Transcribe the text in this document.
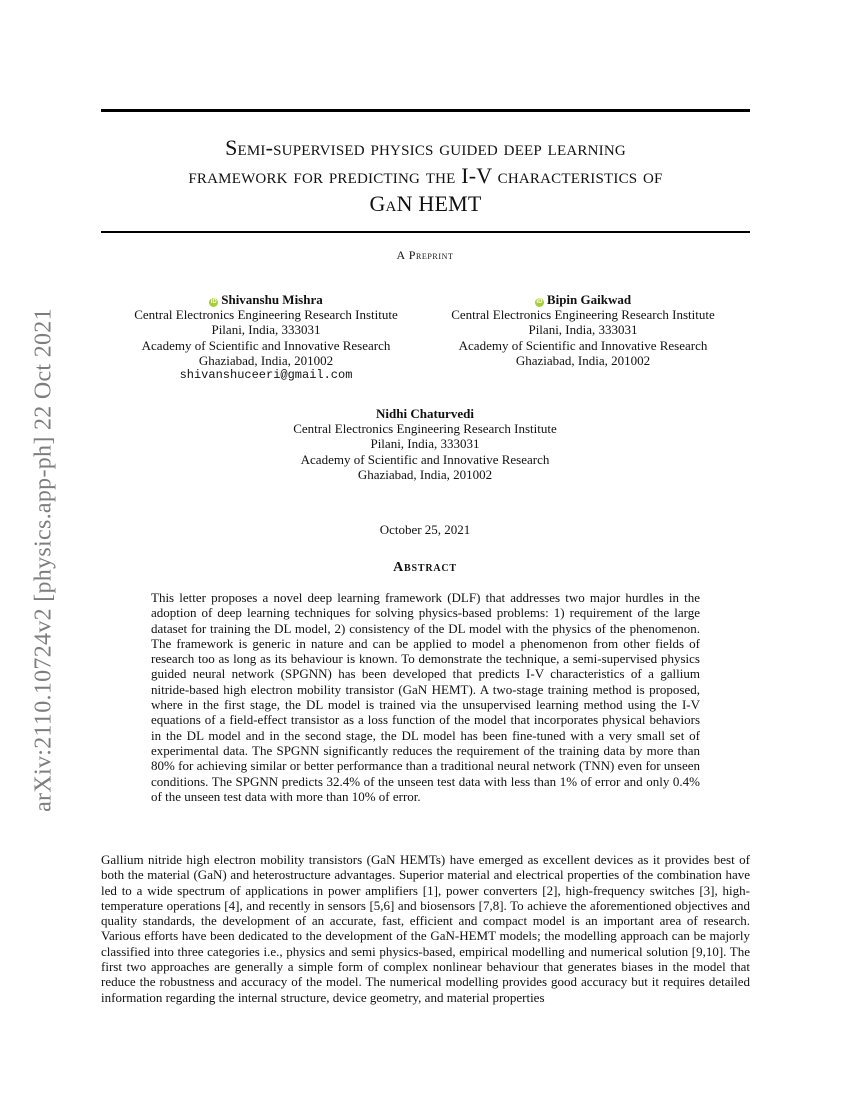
arXiv:2110.10724v2 [physics.app-ph] 22 Oct 2021
Semi-supervised physics guided deep learning
framework for predicting the I-V characteristics of
GaN HEMT
A Preprint
iD Shivanshu Mishra
Central Electronics Engineering Research Institute
Pilani, India, 333031
Academy of Scientific and Innovative Research
Ghaziabad, India, 201002
shivanshuceeri@gmail.com
iD Bipin Gaikwad
Central Electronics Engineering Research Institute
Pilani, India, 333031
Academy of Scientific and Innovative Research
Ghaziabad, India, 201002
Nidhi Chaturvedi
Central Electronics Engineering Research Institute
Pilani, India, 333031
Academy of Scientific and Innovative Research
Ghaziabad, India, 201002
October 25, 2021
Abstract

This letter proposes a novel deep learning framework (DLF) that addresses two major hurdles in the adoption of deep learning techniques for solving physics-based problems: 1) requirement of the large dataset for training the DL model, 2) consistency of the DL model with the physics of the phenomenon. The framework is generic in nature and can be applied to model a phenomenon from other fields of research too as long as its behaviour is known. To demonstrate the technique, a semi-supervised physics guided neural network (SPGNN) has been developed that predicts I-V characteristics of a gallium nitride-based high electron mobility transistor (GaN HEMT). A two-stage training method is proposed, where in the first stage, the DL model is trained via the unsupervised learning method using the I-V equations of a field-effect transistor as a loss function of the model that incorporates physical behaviors in the DL model and in the second stage, the DL model has been fine-tuned with a very small set of experimental data. The SPGNN significantly reduces the requirement of the training data by more than 80% for achieving similar or better performance than a traditional neural network (TNN) even for unseen conditions. The SPGNN predicts 32.4% of the unseen test data with less than 1% of error and only 0.4% of the unseen test data with more than 10% of error.

Gallium nitride high electron mobility transistors (GaN HEMTs) have emerged as excellent devices as it provides best of both the material (GaN) and heterostructure advantages. Superior material and electrical properties of the combination have led to a wide spectrum of applications in power amplifiers [1], power converters [2], high-frequency switches [3], high-temperature operations [4], and recently in sensors [5,6] and biosensors [7,8]. To achieve the aforementioned objectives and quality standards, the development of an accurate, fast, efficient and compact model is an important area of research. Various efforts have been dedicated to the development of the GaN-HEMT models; the modelling approach can be majorly classified into three categories i.e., physics and semi physics-based, empirical modelling and numerical solution [9,10]. The first two approaches are generally a simple form of complex nonlinear behaviour that generates biases in the model that reduce the robustness and accuracy of the model. The numerical modelling provides good accuracy but it requires detailed information regarding the internal structure, device geometry, and material properties
